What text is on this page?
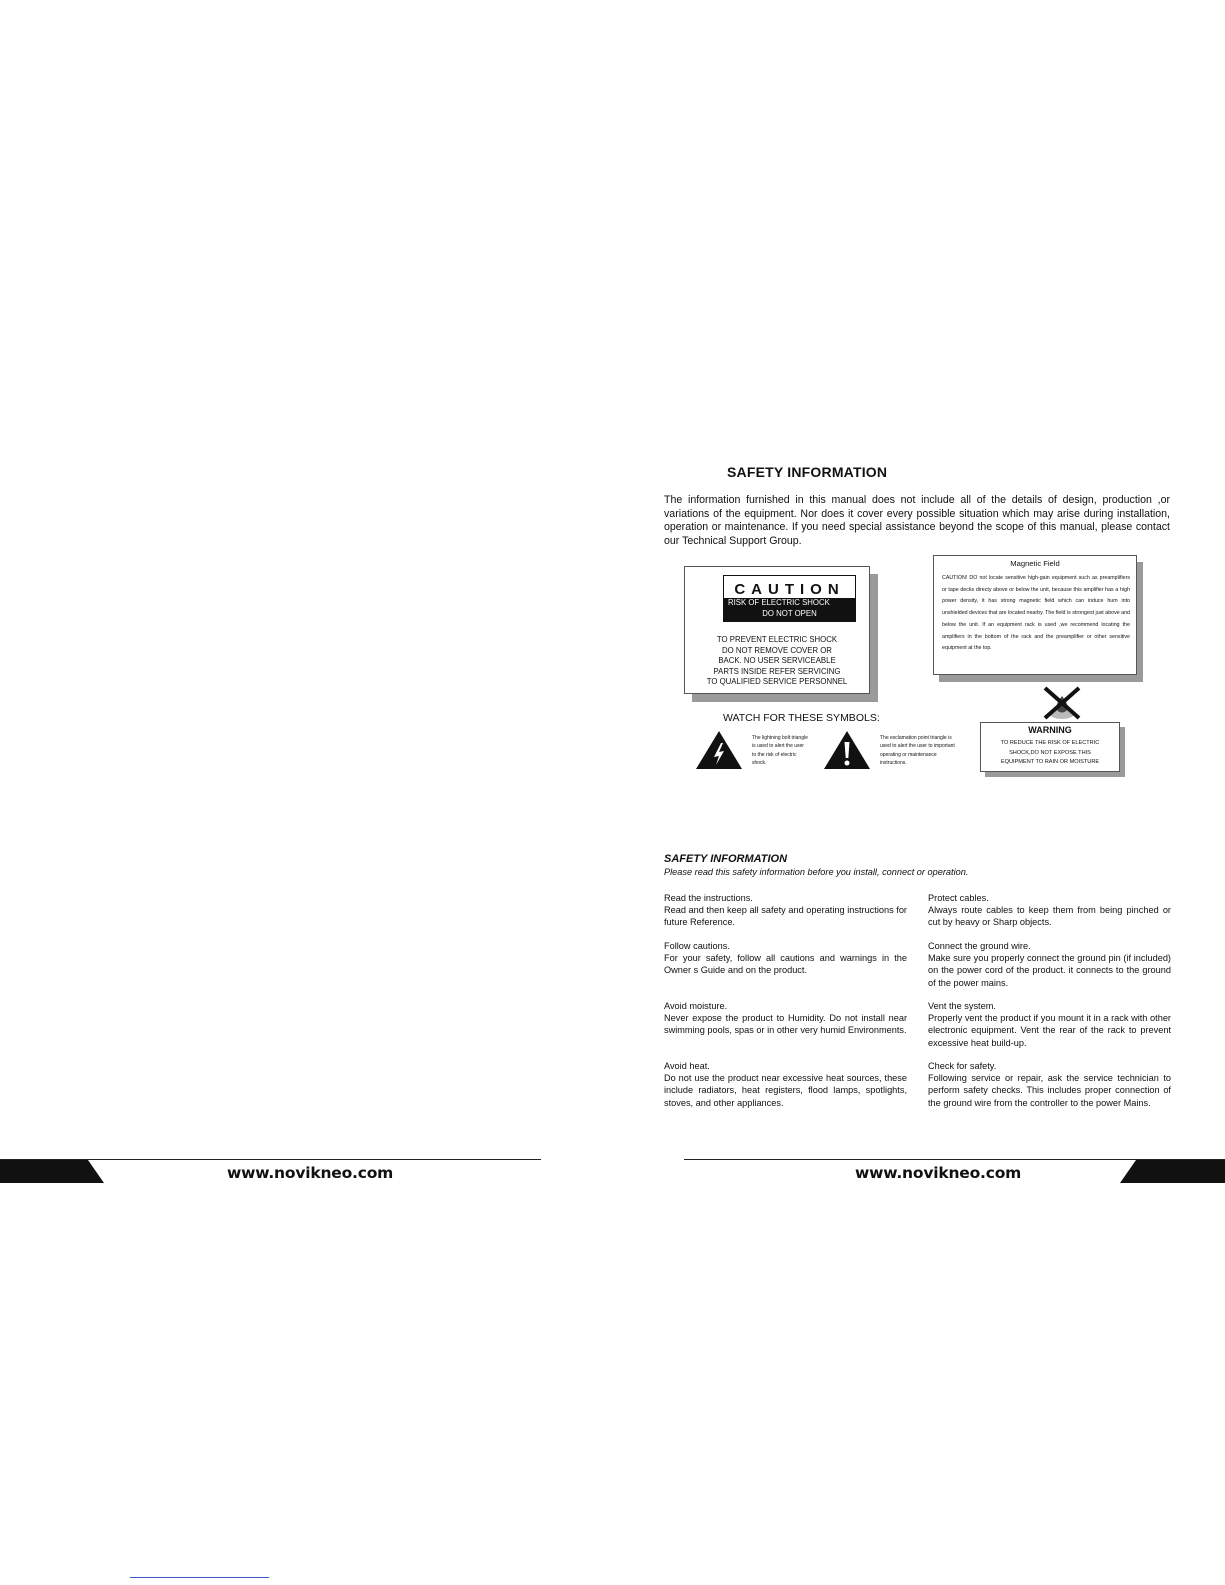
SAFETY INFORMATION
The information furnished in this manual does not include all of the details of design, production ,or variations of the equipment. Nor does it cover every possible situation which may arise during installation, operation or maintenance. If you need special assistance beyond the scope of this manual, please contact our Technical Support Group.
CAUTION
RISK OF ELECTRIC SHOCK
DO NOT OPEN
TO PREVENT ELECTRIC SHOCK
DO NOT REMOVE COVER OR
BACK. NO USER SERVICEABLE
PARTS INSIDE REFER SERVICING
TO QUALIFIED SERVICE PERSONNEL
Magnetic Field
CAUTION! DO not locate sensitive high-gain equipment such as preamplifiers or tape decks directy above or below the unit, because this amplifier has a high power density, it has strong magnetic field which can induce hum into unshielded devices that are located nearby. The field is strongest just above and below the unit. If an equipment rack is used ,we recommend locating the amplifiers in the bottom of the rack and the preamplifier or other sensitive equipment at the top.
WATCH FOR THESE SYMBOLS:
The lightning bolt triangle is used to alert the user to the risk of electric shock.
The exclamation point triangle is used to alert the user to important operating or maintenance instructions.
WARNING
TO REDUCE THE RISK OF ELECTRIC
SHOCK,DO NOT EXPOSE THIS
EQUIPMENT TO RAIN OR MOISTURE
SAFETY INFORMATION
Please read this safety information before you install, connect or operation.
Read the instructions.
Read and then keep all safety and operating instructions for future Reference.
Follow cautions.
For your safety, follow all cautions and warnings in the Owner s Guide and on the product.
Avoid moisture.
Never expose the product to Humidity. Do not install near swimming pools, spas or in other very humid Environments.
Avoid heat.
Do not use the product near excessive heat sources, these include radiators, heat registers, flood lamps, spotlights, stoves, and other appliances.
Protect cables.
Always route cables to keep them from being pinched or cut by heavy or Sharp objects.
Connect the ground wire.
Make sure you properly connect the ground pin (if included) on the power cord of the product. it connects to the ground of the power mains.
Vent the system.
Properly vent the product if you mount it in a rack with other electronic equipment. Vent the rear of the rack to prevent excessive heat build-up.
Check for safety.
Following service or repair, ask the service technician to perform safety checks. This includes proper connection of the ground wire from the controller to the power Mains.
www.novikneo.com	www.novikneo.com
